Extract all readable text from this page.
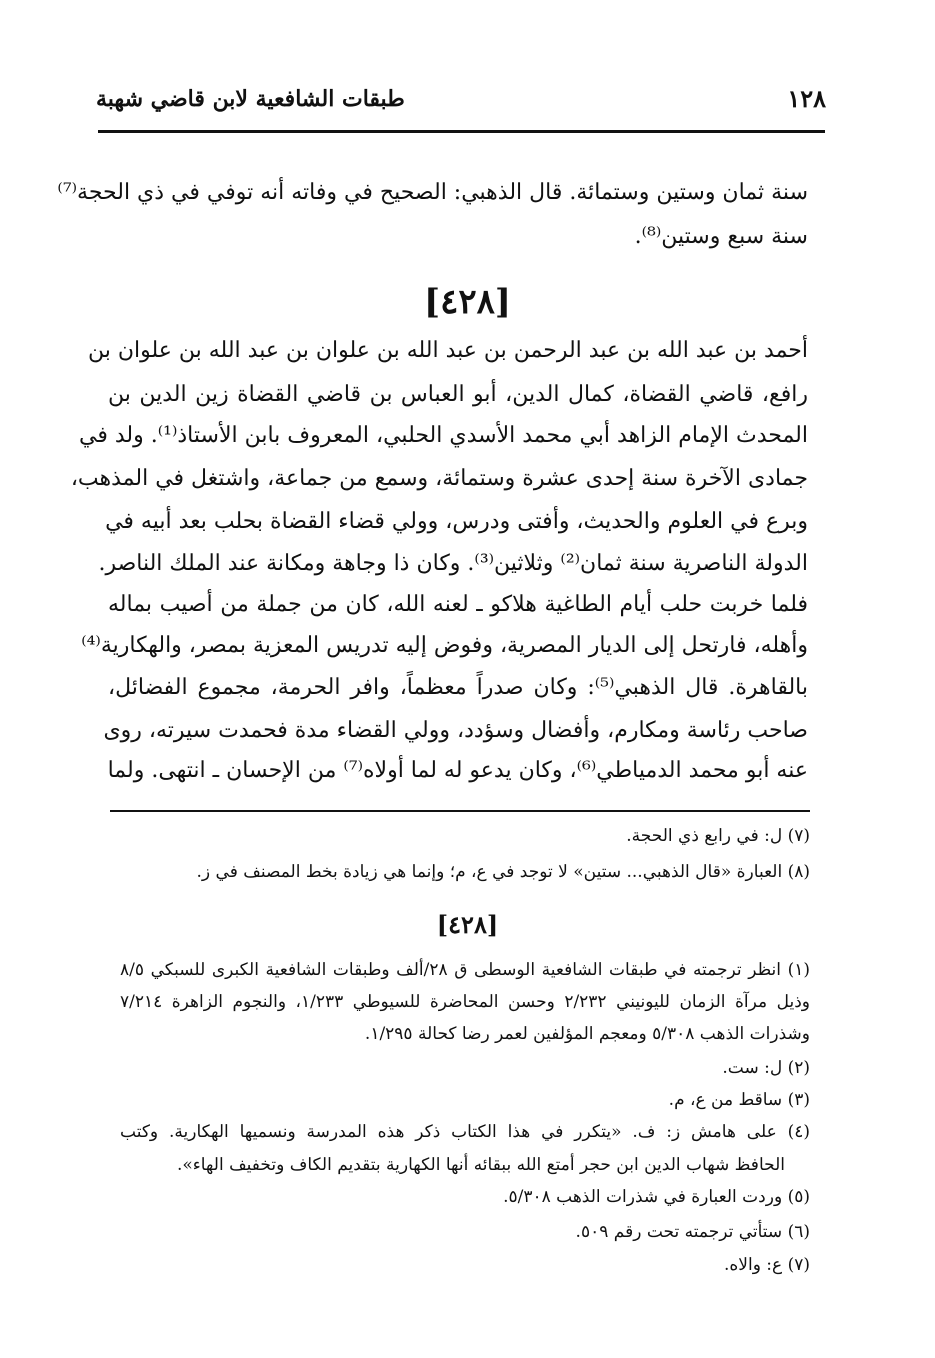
١٢٨
طبقات الشافعية لابن قاضي شهبة
سنة ثمان وستين وستمائة. قال الذهبي: الصحيح في وفاته أنه توفي في ذي الحجة⁽⁷⁾
سنة سبع وستين⁽⁸⁾.
[٤٢٨]
أحمد بن عبد الله بن عبد الرحمن بن عبد الله بن علوان بن عبد الله بن علوان بن
رافع، قاضي القضاة، كمال الدين، أبو العباس بن قاضي القضاة زين الدين بن
المحدث الإمام الزاهد أبي محمد الأسدي الحلبي، المعروف بابن الأستاذ⁽¹⁾. ولد في
جمادى الآخرة سنة إحدى عشرة وستمائة، وسمع من جماعة، واشتغل في المذهب،
وبرع في العلوم والحديث، وأفتى ودرس، وولي قضاء القضاة بحلب بعد أبيه في
الدولة الناصرية سنة ثمان⁽²⁾ وثلاثين⁽³⁾. وكان ذا وجاهة ومكانة عند الملك الناصر.
فلما خربت حلب أيام الطاغية هلاكو ـ لعنه الله، كان من جملة من أصيب بماله
وأهله، فارتحل إلى الديار المصرية، وفوض إليه تدريس المعزية بمصر، والهكارية⁽⁴⁾
بالقاهرة. قال الذهبي⁽⁵⁾: وكان صدراً معظماً، وافر الحرمة، مجموع الفضائل،
صاحب رئاسة ومكارم، وأفضال وسؤدد، وولي القضاء مدة فحمدت سيرته، روى
عنه أبو محمد الدمياطي⁽⁶⁾، وكان يدعو له لما أولاه⁽⁷⁾ من الإحسان ـ انتهى. ولما
(٧) ل: في رابع ذي الحجة.
(٨) العبارة «قال الذهبي... ستين» لا توجد في ع، م؛ وإنما هي زيادة بخط المصنف في ز.
[٤٢٨]
(١) انظر ترجمته في طبقات الشافعية الوسطى ق ٢٨/ألف وطبقات الشافعية الكبرى للسبكي ٨/٥
وذيل مرآة الزمان لليونيني ٢/٢٣٢ وحسن المحاضرة للسيوطي ١/٢٣٣، والنجوم الزاهرة ٧/٢١٤
وشذرات الذهب ٥/٣٠٨ ومعجم المؤلفين لعمر رضا كحالة ١/٢٩٥.
(٢) ل: ست.
(٣) ساقط من ع، م.
(٤) على هامش ز: ف. «يتكرر في هذا الكتاب ذكر هذه المدرسة ونسميها الهكارية. وكتب
الحافظ شهاب الدين ابن حجر أمتع الله ببقائه أنها الكهارية بتقديم الكاف وتخفيف الهاء».
(٥) وردت العبارة في شذرات الذهب ٥/٣٠٨.
(٦) ستأتي ترجمته تحت رقم ٥٠٩.
(٧) ع: والاه.
